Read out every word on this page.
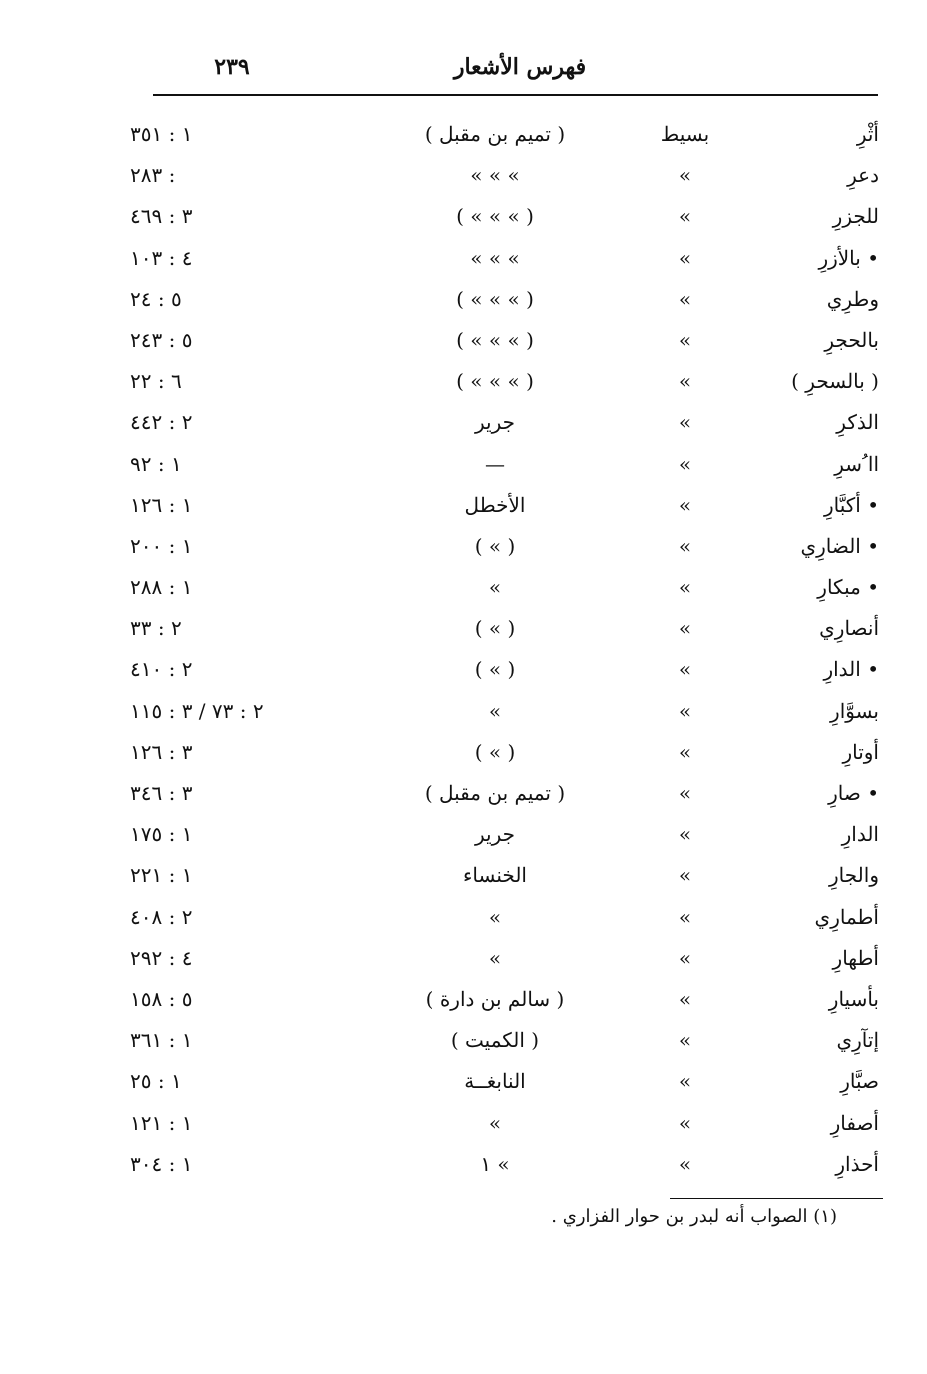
فهرس الأشعار
٢٣٩
أثْرِ
بسيط
( تميم بن مقبل )
١ : ٣٥١
دعرِ
»
» » »
: ٢٨٣
للجزرِ
»
( » » » )
٣ : ٤٦٩
• بالأزرِ
»
» » »
٤ : ١٠٣
وطرِي
»
( » » » )
٥ : ٢٤
بالحجرِ
»
( » » » )
٥ : ٢٤٣
( بالسحرِ )
»
( » » » )
٦ : ٢٢
الذكرِ
»
جرير
٢ : ٤٤٢
اا ُسرِ
»
—
١ : ٩٢
• أكبَّارِ
»
الأخطل
١ : ١٢٦
• الضارِي
»
( » )
١ : ٢٠٠
• مبكارِ
»
»
١ : ٢٨٨
أنصارِي
»
( » )
٢ : ٣٣
• الدارِ
»
( » )
٢ : ٤١٠
بسوَّارِ
»
»
٢ : ٧٣ / ٣ : ١١٥
أوتارِ
»
( » )
٣ : ١٢٦
• صارِ
»
( تميم بن مقبل )
٣ : ٣٤٦
الدارِ
»
جرير
١ : ١٧٥
والجارِ
»
الخنساء
١ : ٢٢١
أطمارِي
»
»
٢ : ٤٠٨
أطهارِ
»
»
٤ : ٢٩٢
بأسيارِ
»
( سالم بن دارة )
٥ : ١٥٨
إتآرِي
»
( الكميت )
١ : ٣٦١
صبَّارِ
»
النابغــة
١ : ٢٥
أصفارِ
»
»
١ : ١٢١
أحذارِ
»
» ١
١ : ٣٠٤
(١) الصواب أنه لبدر بن حوار الفزاري .
